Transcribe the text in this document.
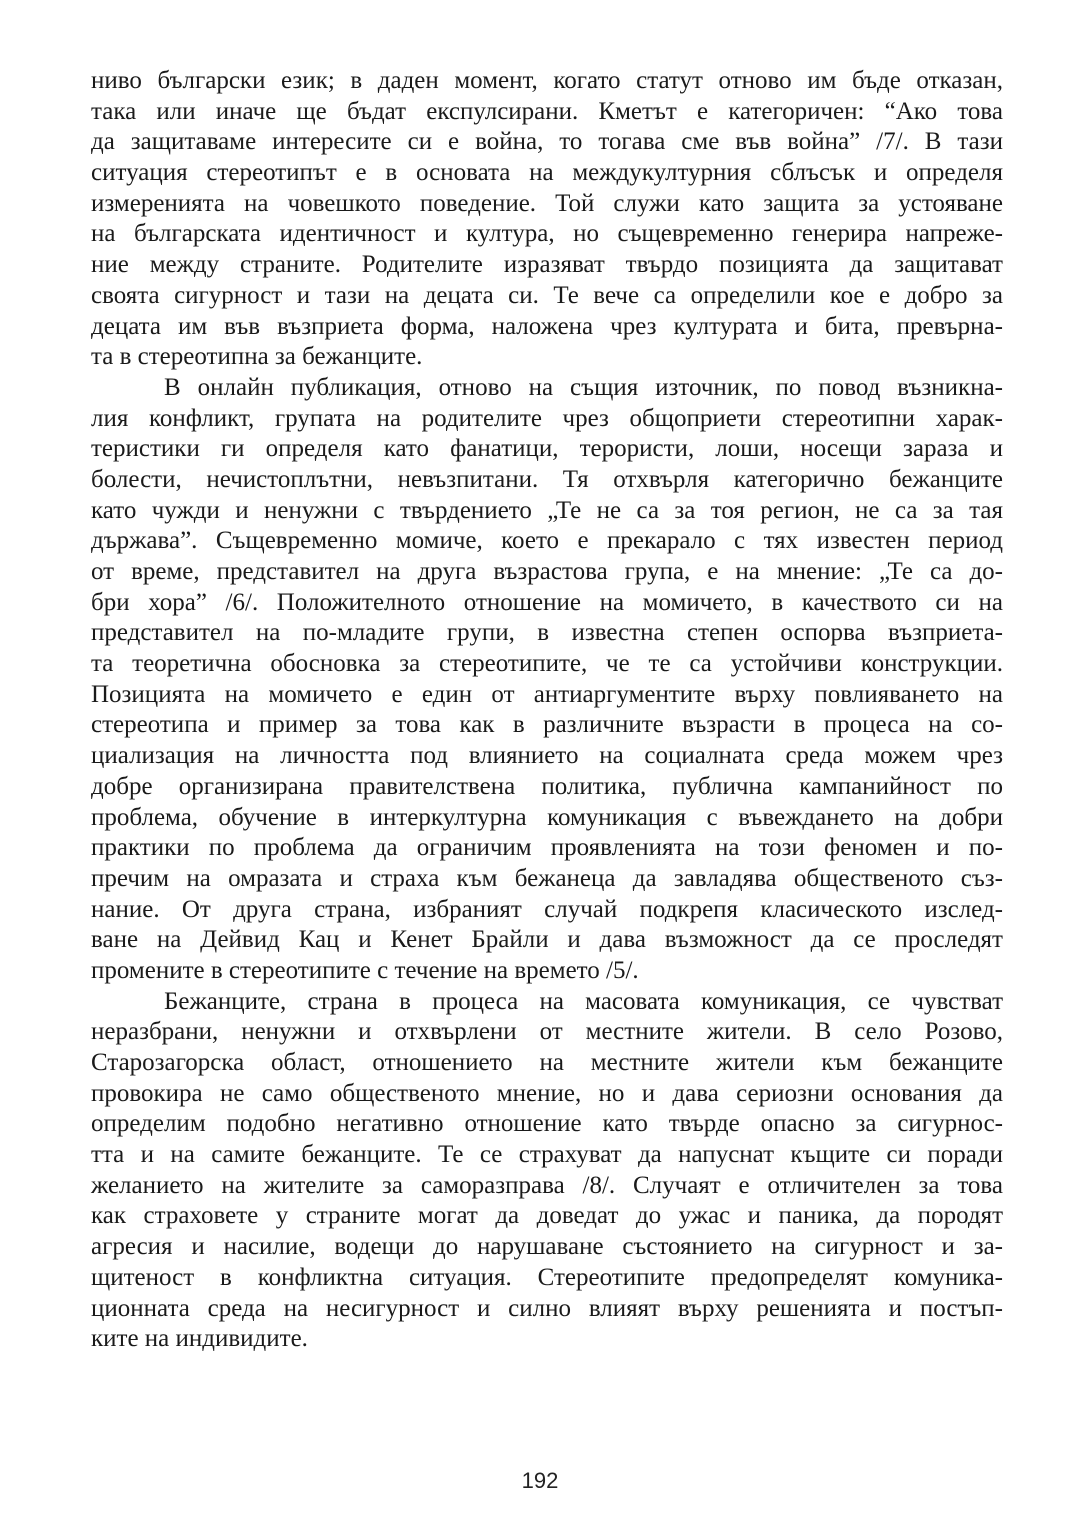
ниво български език; в даден момент, когато статут отново им бъде отказан,
така или иначе ще бъдат експулсирани. Кметът е категоричен: “Ако това
да защитаваме интересите си е война, то тогава сме във война” /7/. В тази
ситуация стереотипът е в основата на междукултурния сблъсък и определя
измеренията на човешкото поведение. Той служи като защита за устояване
на българската идентичност и култура, но същевременно генерира напреже-
ние между страните. Родителите изразяват твърдо позицията да защитават
своята сигурност и тази на децата си. Те вече са определили кое е добро за
децата им във възприета форма, наложена чрез културата и бита, превърна-
та в стереотипна за бежанците.
В онлайн публикация, отново на същия източник, по повод възникна-
лия конфликт, групата на родителите чрез общоприети стереотипни харак-
теристики ги определя като фанатици, терористи, лоши, носещи зараза и
болести, нечистоплътни, невъзпитани. Тя отхвърля категорично бежанците
като чужди и ненужни с твърдението „Те не са за тоя регион, не са за тая
държава”. Същевременно момиче, което е прекарало с тях известен период
от време, представител на друга възрастова група, е на мнение: „Те са до-
бри хора” /6/. Положителното отношение на момичето, в качеството си на
представител на по-младите групи, в известна степен оспорва възприета-
та теоретична обосновка за стереотипите, че те са устойчиви конструкции.
Позицията на момичето е един от антиаргументите върху повлияването на
стереотипа и пример за това как в различните възрасти в процеса на со-
циализация на личността под влиянието на социалната среда можем чрез
добре организирана правителствена политика, публична кампанийност по
проблема, обучение в интеркултурна комуникация с въвеждането на добри
практики по проблема да ограничим проявленията на този феномен и по-
пречим на омразата и страха към бежанеца да завладява общественото съз-
нание. От друга страна, избраният случай подкрепя класическото изслед-
ване на Дейвид Кац и Кенет Брайли и дава възможност да се проследят
промените в стереотипите с течение на времето /5/.
Бежанците, страна в процеса на масовата комуникация, се чувстват
неразбрани, ненужни и отхвърлени от местните жители. В село Розово,
Старозагорска област, отношението на местните жители към бежанците
провокира не само общественото мнение, но и дава сериозни основания да
определим подобно негативно отношение като твърде опасно за сигурнос-
тта и на самите бежанците. Те се страхуват да напуснат къщите си поради
желанието на жителите за саморазправа /8/. Случаят е отличителен за това
как страховете у страните могат да доведат до ужас и паника, да породят
агресия и насилие, водещи до нарушаване състоянието на сигурност и за-
щитеност в конфликтна ситуация. Стереотипите предопределят комуника-
ционната среда на несигурност и силно влияят върху решенията и постъп-
ките на индивидите.
192
